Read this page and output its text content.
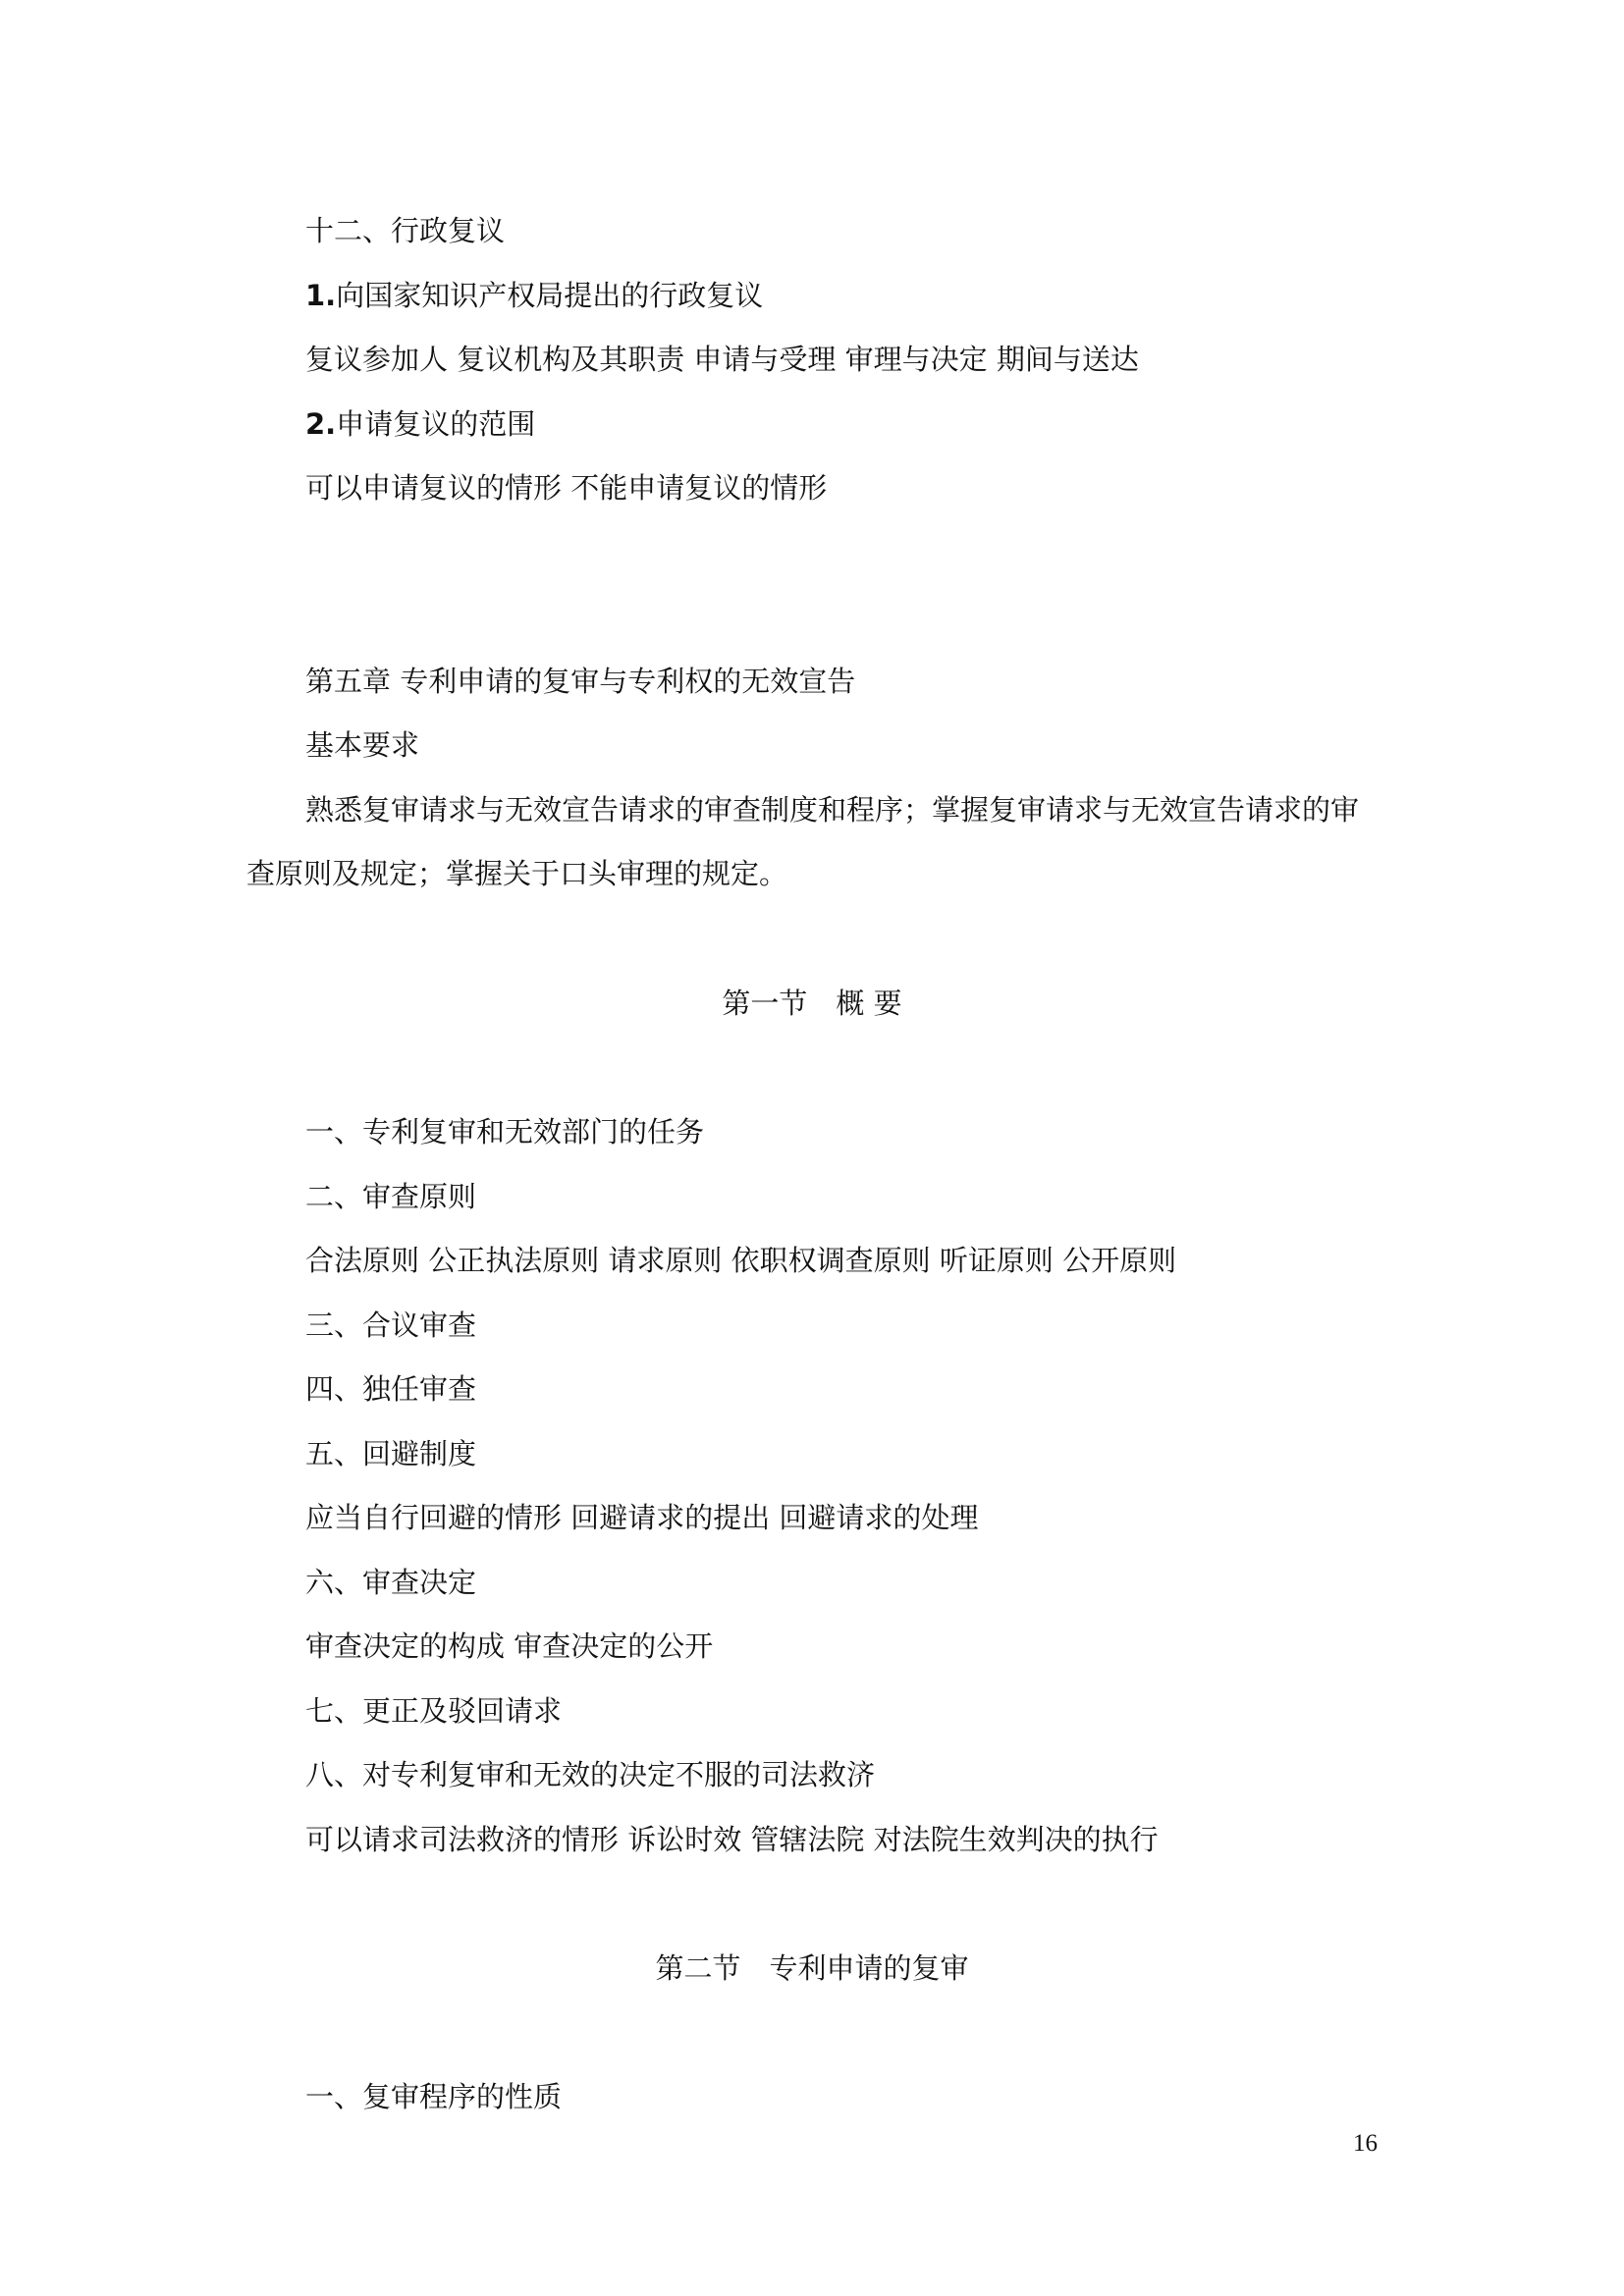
十二、行政复议
1.向国家知识产权局提出的行政复议
复议参加人 复议机构及其职责 申请与受理 审理与决定 期间与送达
2.申请复议的范围
可以申请复议的情形 不能申请复议的情形
第五章 专利申请的复审与专利权的无效宣告
基本要求
熟悉复审请求与无效宣告请求的审查制度和程序；掌握复审请求与无效宣告请求的审
查原则及规定；掌握关于口头审理的规定。
第一节　概 要
一、专利复审和无效部门的任务
二、审查原则
合法原则 公正执法原则 请求原则 依职权调查原则 听证原则 公开原则
三、合议审查
四、独任审查
五、回避制度
应当自行回避的情形 回避请求的提出 回避请求的处理
六、审查决定
审查决定的构成 审查决定的公开
七、更正及驳回请求
八、对专利复审和无效的决定不服的司法救济
可以请求司法救济的情形 诉讼时效 管辖法院 对法院生效判决的执行
第二节　专利申请的复审
一、复审程序的性质
16
